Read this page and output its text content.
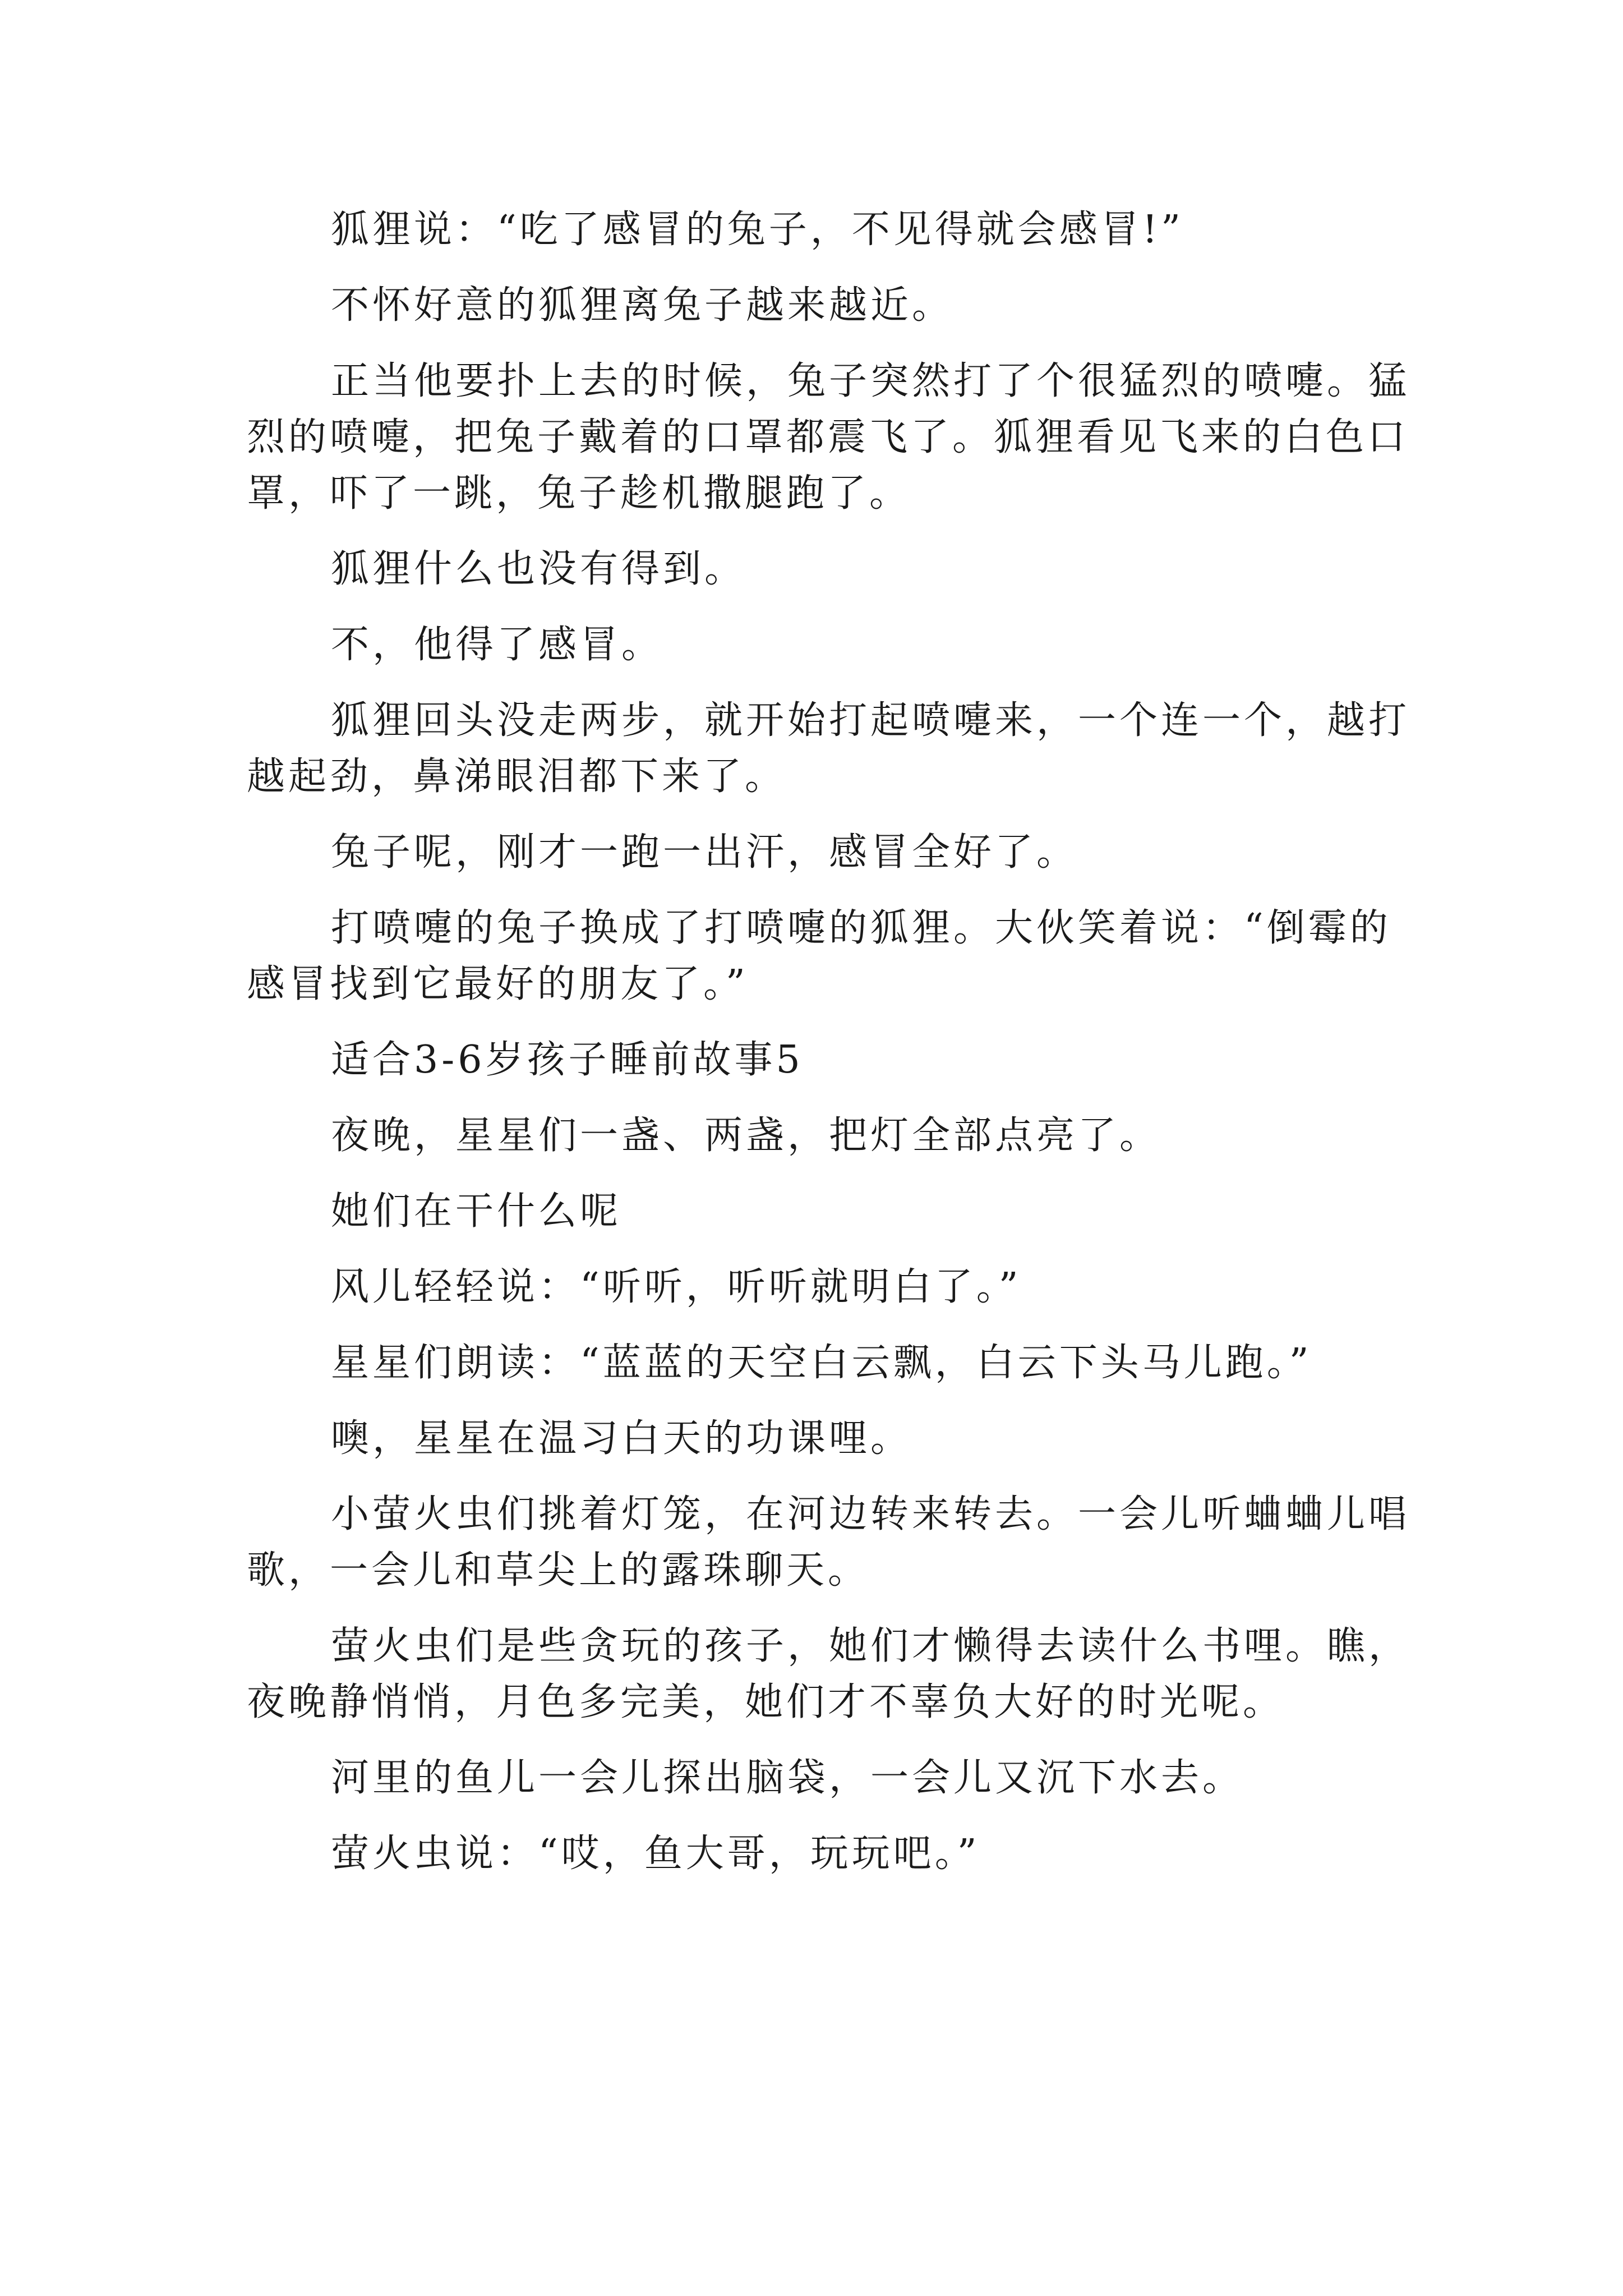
狐狸说：“吃了感冒的兔子，不见得就会感冒!”

不怀好意的狐狸离兔子越来越近。

正当他要扑上去的时候，兔子突然打了个很猛烈的喷嚏。猛烈的喷嚏，把兔子戴着的口罩都震飞了。狐狸看见飞来的白色口罩，吓了一跳，兔子趁机撒腿跑了。

狐狸什么也没有得到。

不，他得了感冒。

狐狸回头没走两步，就开始打起喷嚏来，一个连一个，越打越起劲，鼻涕眼泪都下来了。

兔子呢，刚才一跑一出汗，感冒全好了。

打喷嚏的兔子换成了打喷嚏的狐狸。大伙笑着说：“倒霉的感冒找到它最好的朋友了。”

适合3-6岁孩子睡前故事5

夜晚，星星们一盏、两盏，把灯全部点亮了。

她们在干什么呢

风儿轻轻说：“听听，听听就明白了。”

星星们朗读：“蓝蓝的天空白云飘，白云下头马儿跑。”

噢，星星在温习白天的功课哩。

小萤火虫们挑着灯笼，在河边转来转去。一会儿听蛐蛐儿唱歌，一会儿和草尖上的露珠聊天。

萤火虫们是些贪玩的孩子，她们才懒得去读什么书哩。瞧，夜晚静悄悄，月色多完美，她们才不辜负大好的时光呢。

河里的鱼儿一会儿探出脑袋，一会儿又沉下水去。

萤火虫说：“哎，鱼大哥，玩玩吧。”
